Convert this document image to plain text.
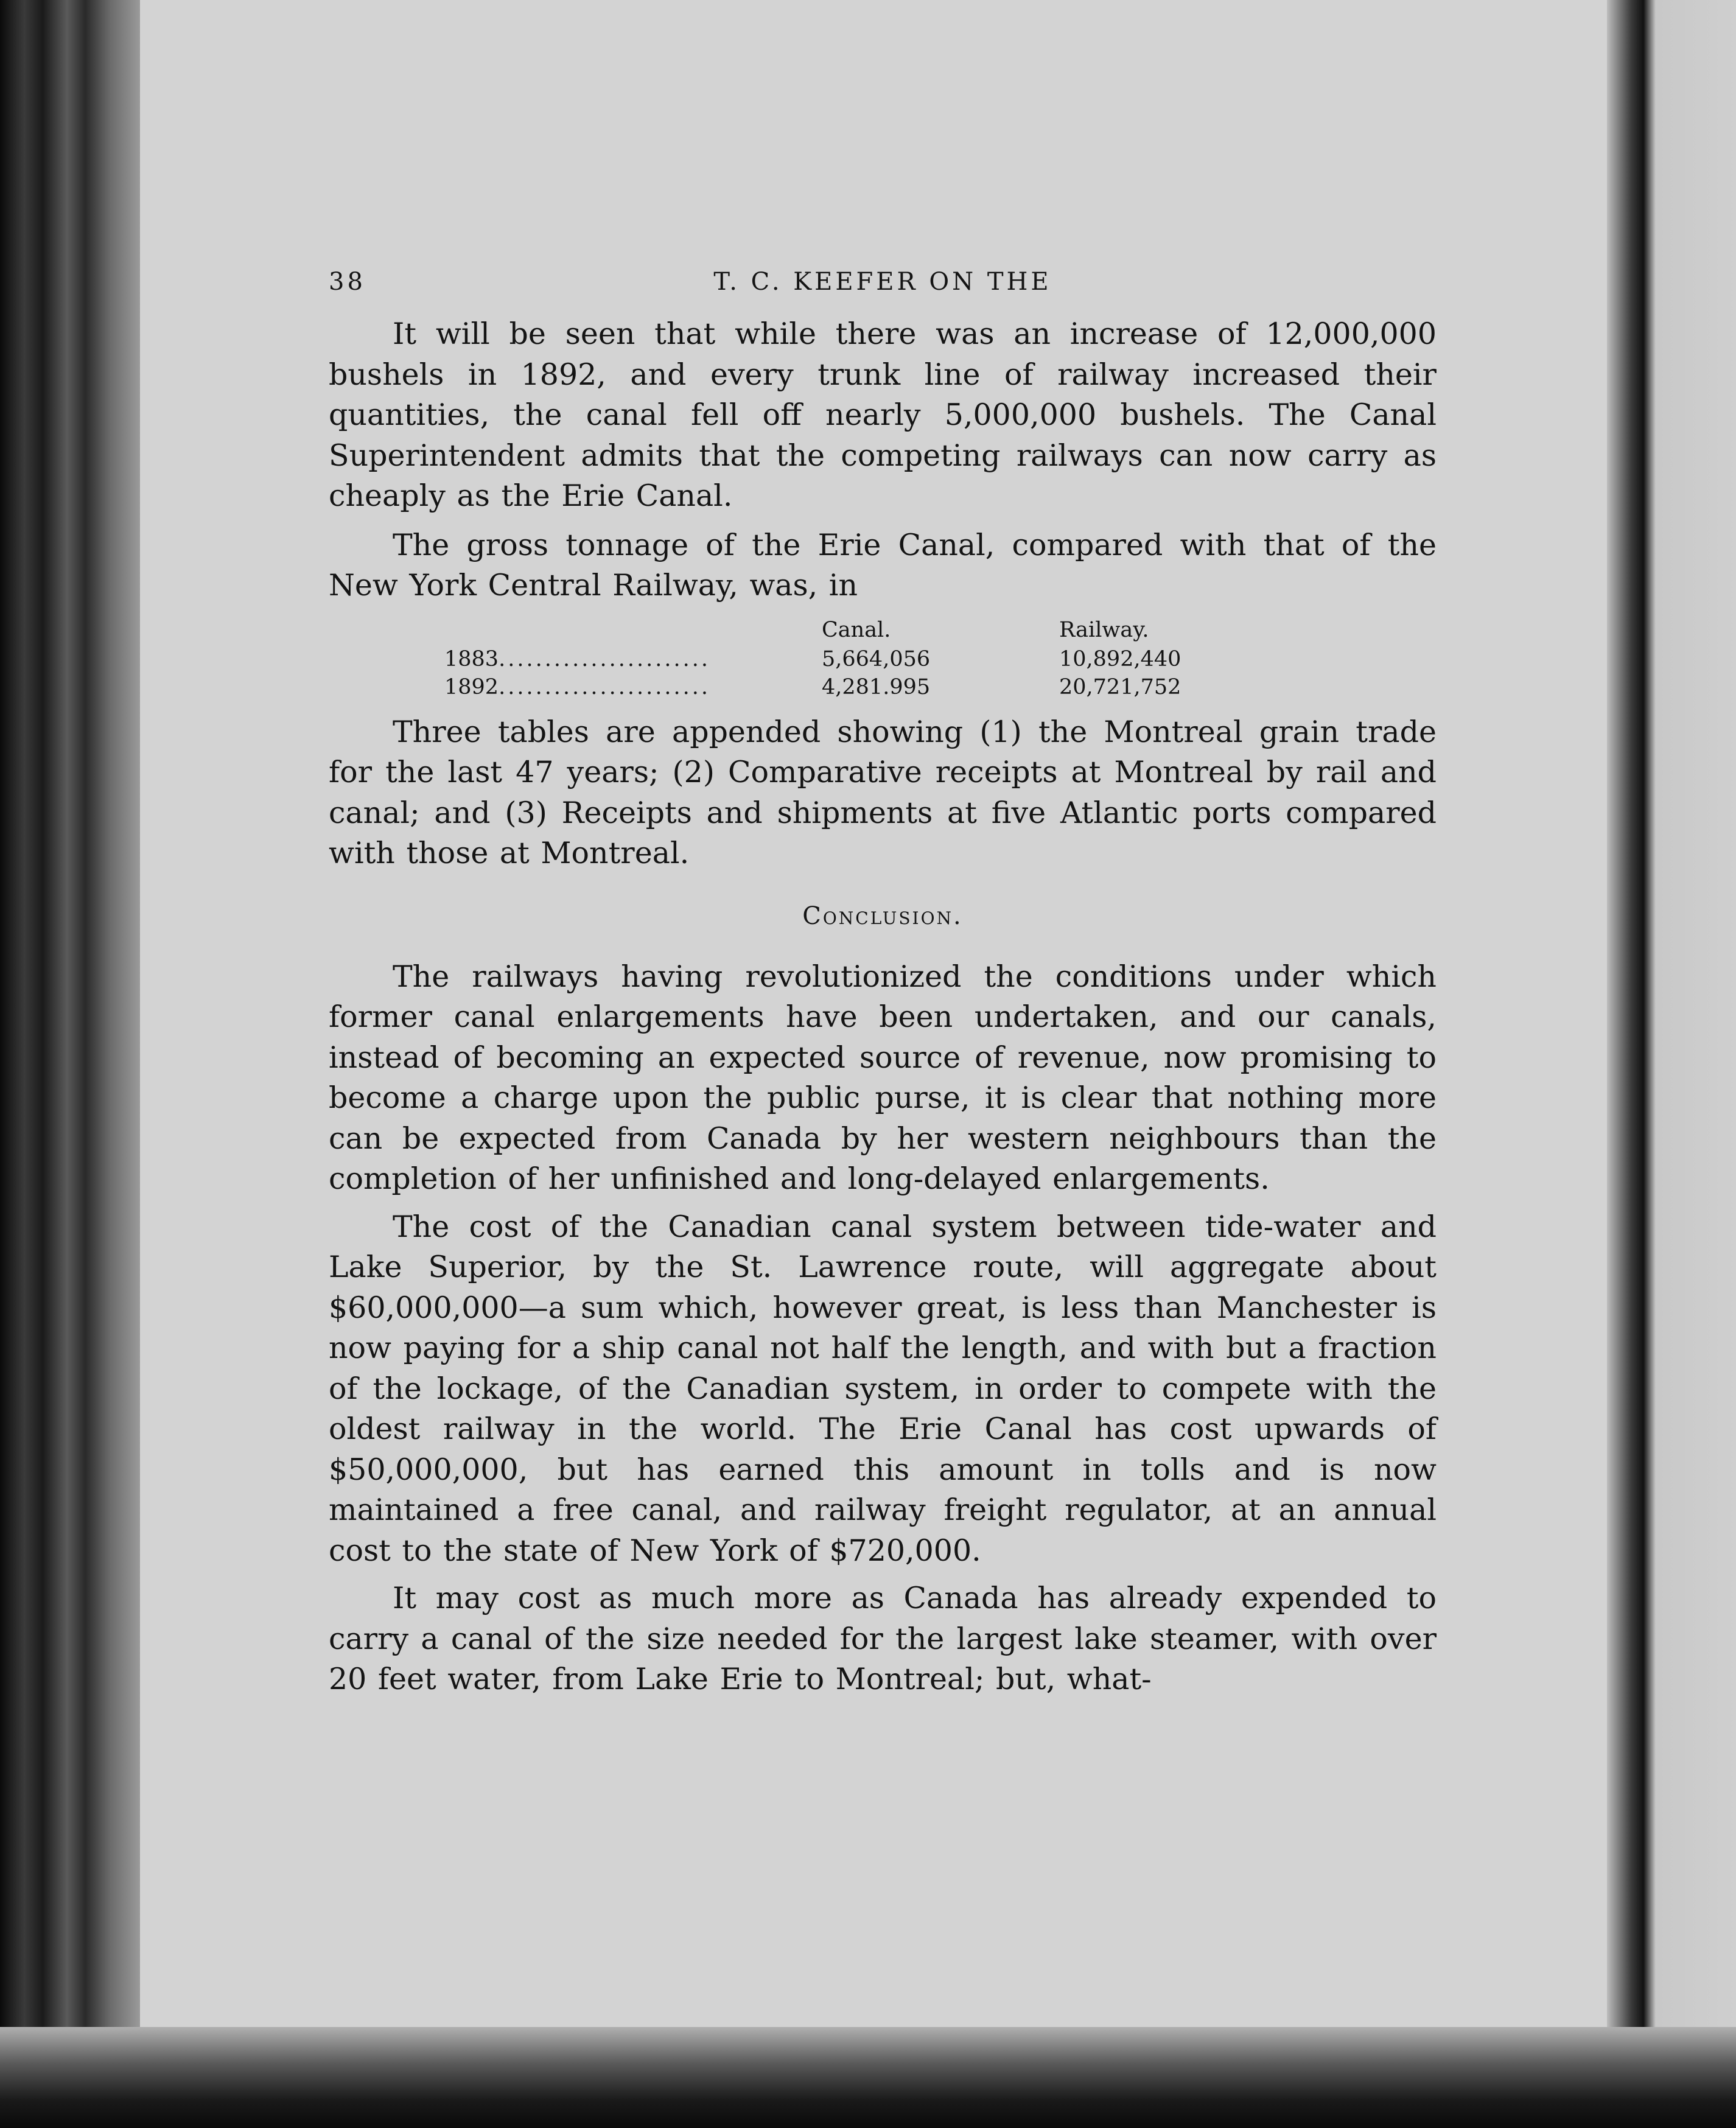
38	T. C. KEEFER ON THE

It will be seen that while there was an increase of 12,000,000 bushels in 1892, and every trunk line of railway increased their quantities, the canal fell off nearly 5,000,000 bushels. The Canal Superintendent admits that the competing railways can now carry as cheaply as the Erie Canal.

The gross tonnage of the Erie Canal, compared with that of the New York Central Railway, was, in

	Canal.	Railway.
1883.......................	5,664,056	10,892,440
1892.......................	4,281.995	20,721,752

Three tables are appended showing (1) the Montreal grain trade for the last 47 years; (2) Comparative receipts at Montreal by rail and canal; and (3) Receipts and shipments at five Atlantic ports compared with those at Montreal.

Conclusion.

The railways having revolutionized the conditions under which former canal enlargements have been undertaken, and our canals, instead of becoming an expected source of revenue, now promising to become a charge upon the public purse, it is clear that nothing more can be expected from Canada by her western neighbours than the completion of her unfinished and long-delayed enlargements.

The cost of the Canadian canal system between tide-water and Lake Superior, by the St. Lawrence route, will aggregate about $60,000,000—a sum which, however great, is less than Manchester is now paying for a ship canal not half the length, and with but a fraction of the lockage, of the Canadian system, in order to compete with the oldest railway in the world. The Erie Canal has cost upwards of $50,000,000, but has earned this amount in tolls and is now maintained a free canal, and railway freight regulator, at an annual cost to the state of New York of $720,000.

It may cost as much more as Canada has already expended to carry a canal of the size needed for the largest lake steamer, with over 20 feet water, from Lake Erie to Montreal; but, what-
